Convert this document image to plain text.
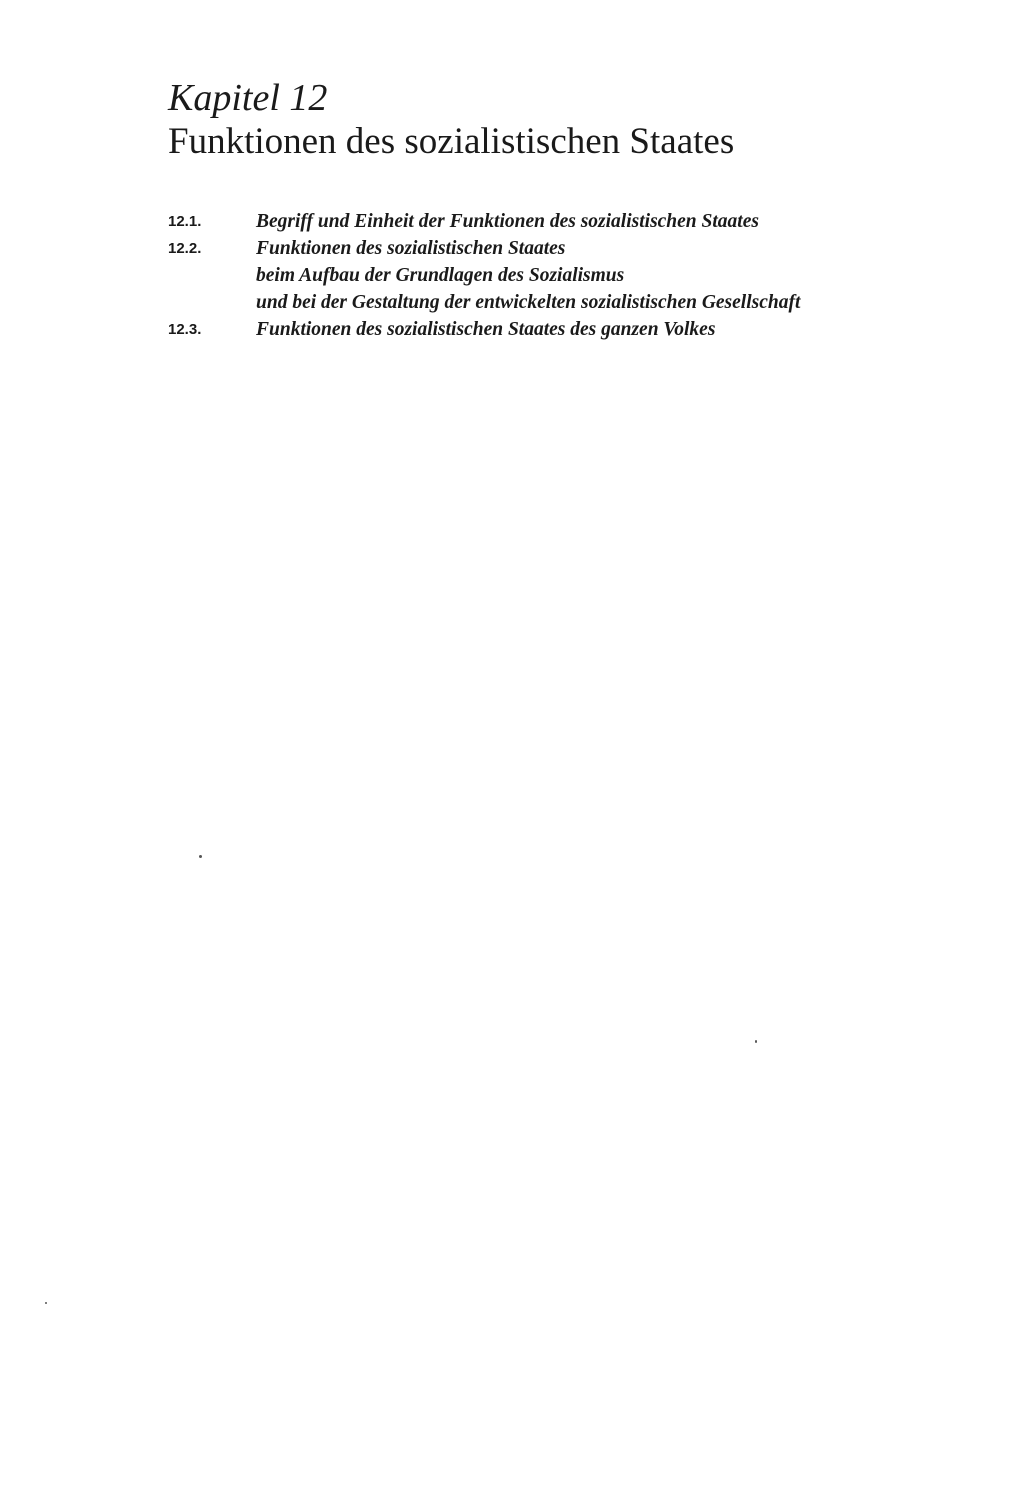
Kapitel 12
Funktionen des sozialistischen Staates
12.1.	Begriff und Einheit der Funktionen des sozialistischen Staates
12.2.	Funktionen des sozialistischen Staates
beim Aufbau der Grundlagen des Sozialismus
und bei der Gestaltung der entwickelten sozialistischen Gesellschaft
12.3.	Funktionen des sozialistischen Staates des ganzen Volkes
